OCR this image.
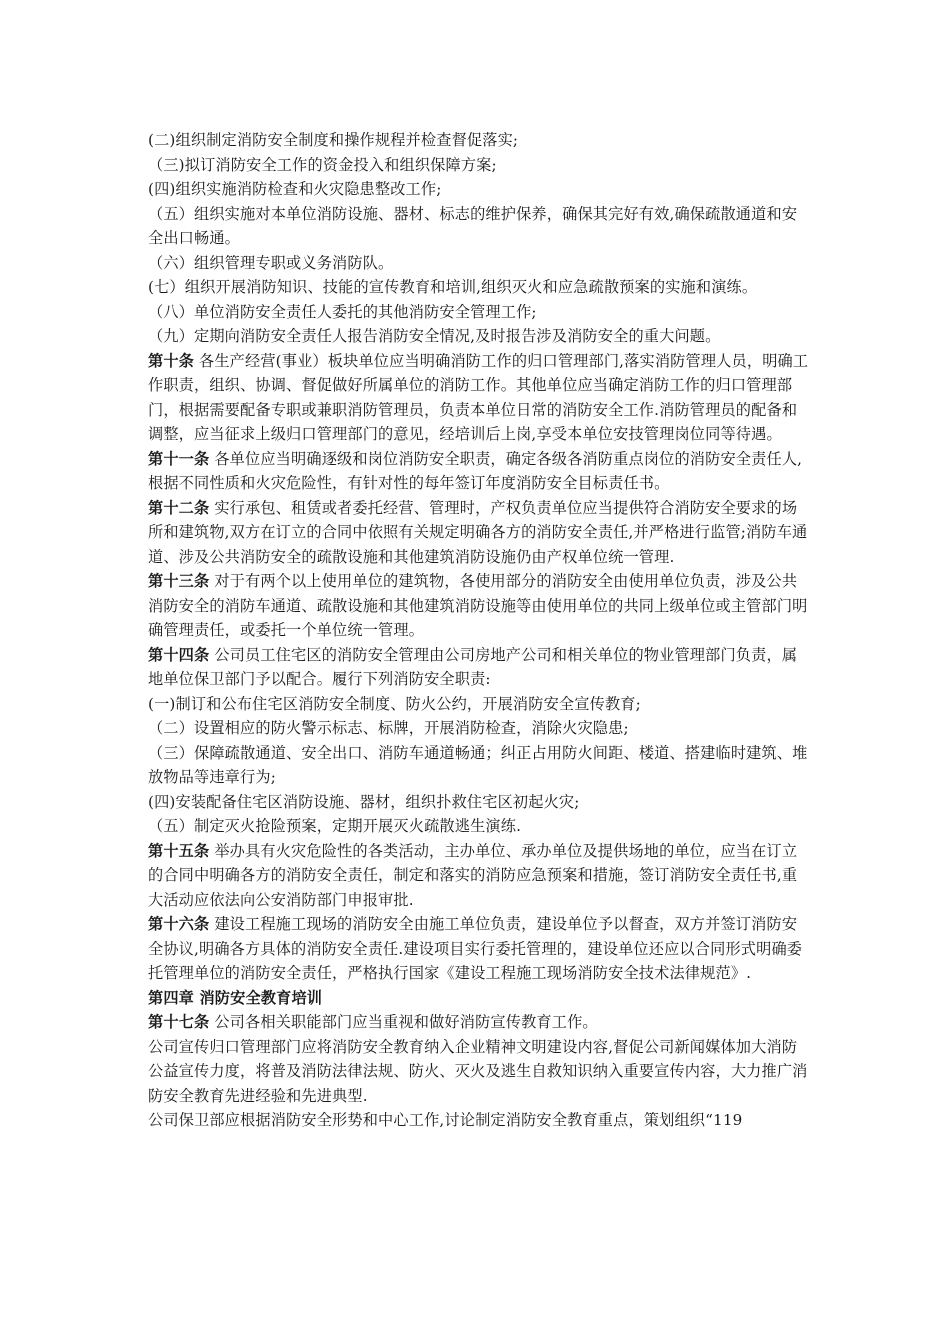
(二)组织制定消防安全制度和操作规程并检查督促落实;
（三)拟订消防安全工作的资金投入和组织保障方案;
(四)组织实施消防检查和火灾隐患整改工作;
（五）组织实施对本单位消防设施、器材、标志的维护保养，确保其完好有效,确保疏散通道和安全出口畅通。
（六）组织管理专职或义务消防队。
(七）组织开展消防知识、技能的宣传教育和培训,组织灭火和应急疏散预案的实施和演练。
（八）单位消防安全责任人委托的其他消防安全管理工作;
（九）定期向消防安全责任人报告消防安全情况,及时报告涉及消防安全的重大问题。
第十条 各生产经营(事业）板块单位应当明确消防工作的归口管理部门,落实消防管理人员，明确工作职责，组织、协调、督促做好所属单位的消防工作。其他单位应当确定消防工作的归口管理部门，根据需要配备专职或兼职消防管理员，负责本单位日常的消防安全工作.消防管理员的配备和调整，应当征求上级归口管理部门的意见，经培训后上岗,享受本单位安技管理岗位同等待遇。
第十一条 各单位应当明确逐级和岗位消防安全职责，确定各级各消防重点岗位的消防安全责任人,根据不同性质和火灾危险性，有针对性的每年签订年度消防安全目标责任书。
第十二条 实行承包、租赁或者委托经营、管理时，产权负责单位应当提供符合消防安全要求的场所和建筑物,双方在订立的合同中依照有关规定明确各方的消防安全责任,并严格进行监管;消防车通道、涉及公共消防安全的疏散设施和其他建筑消防设施仍由产权单位统一管理.
第十三条 对于有两个以上使用单位的建筑物，各使用部分的消防安全由使用单位负责，涉及公共消防安全的消防车通道、疏散设施和其他建筑消防设施等由使用单位的共同上级单位或主管部门明确管理责任，或委托一个单位统一管理。
第十四条 公司员工住宅区的消防安全管理由公司房地产公司和相关单位的物业管理部门负责，属地单位保卫部门予以配合。履行下列消防安全职责:
(一)制订和公布住宅区消防安全制度、防火公约，开展消防安全宣传教育;
（二）设置相应的防火警示标志、标牌，开展消防检查，消除火灾隐患;
（三）保障疏散通道、安全出口、消防车通道畅通；纠正占用防火间距、楼道、搭建临时建筑、堆放物品等违章行为;
(四)安装配备住宅区消防设施、器材，组织扑救住宅区初起火灾;
（五）制定灭火抢险预案，定期开展灭火疏散逃生演练.
第十五条 举办具有火灾危险性的各类活动，主办单位、承办单位及提供场地的单位，应当在订立的合同中明确各方的消防安全责任，制定和落实的消防应急预案和措施，签订消防安全责任书,重大活动应依法向公安消防部门申报审批.
第十六条 建设工程施工现场的消防安全由施工单位负责，建设单位予以督查，双方并签订消防安全协议,明确各方具体的消防安全责任.建设项目实行委托管理的，建设单位还应以合同形式明确委托管理单位的消防安全责任，严格执行国家《建设工程施工现场消防安全技术法律规范》.
第四章 消防安全教育培训
第十七条 公司各相关职能部门应当重视和做好消防宣传教育工作。
公司宣传归口管理部门应将消防安全教育纳入企业精神文明建设内容,督促公司新闻媒体加大消防公益宣传力度，将普及消防法律法规、防火、灭火及逃生自救知识纳入重要宣传内容，大力推广消防安全教育先进经验和先进典型.
公司保卫部应根据消防安全形势和中心工作,讨论制定消防安全教育重点，策划组织“119
